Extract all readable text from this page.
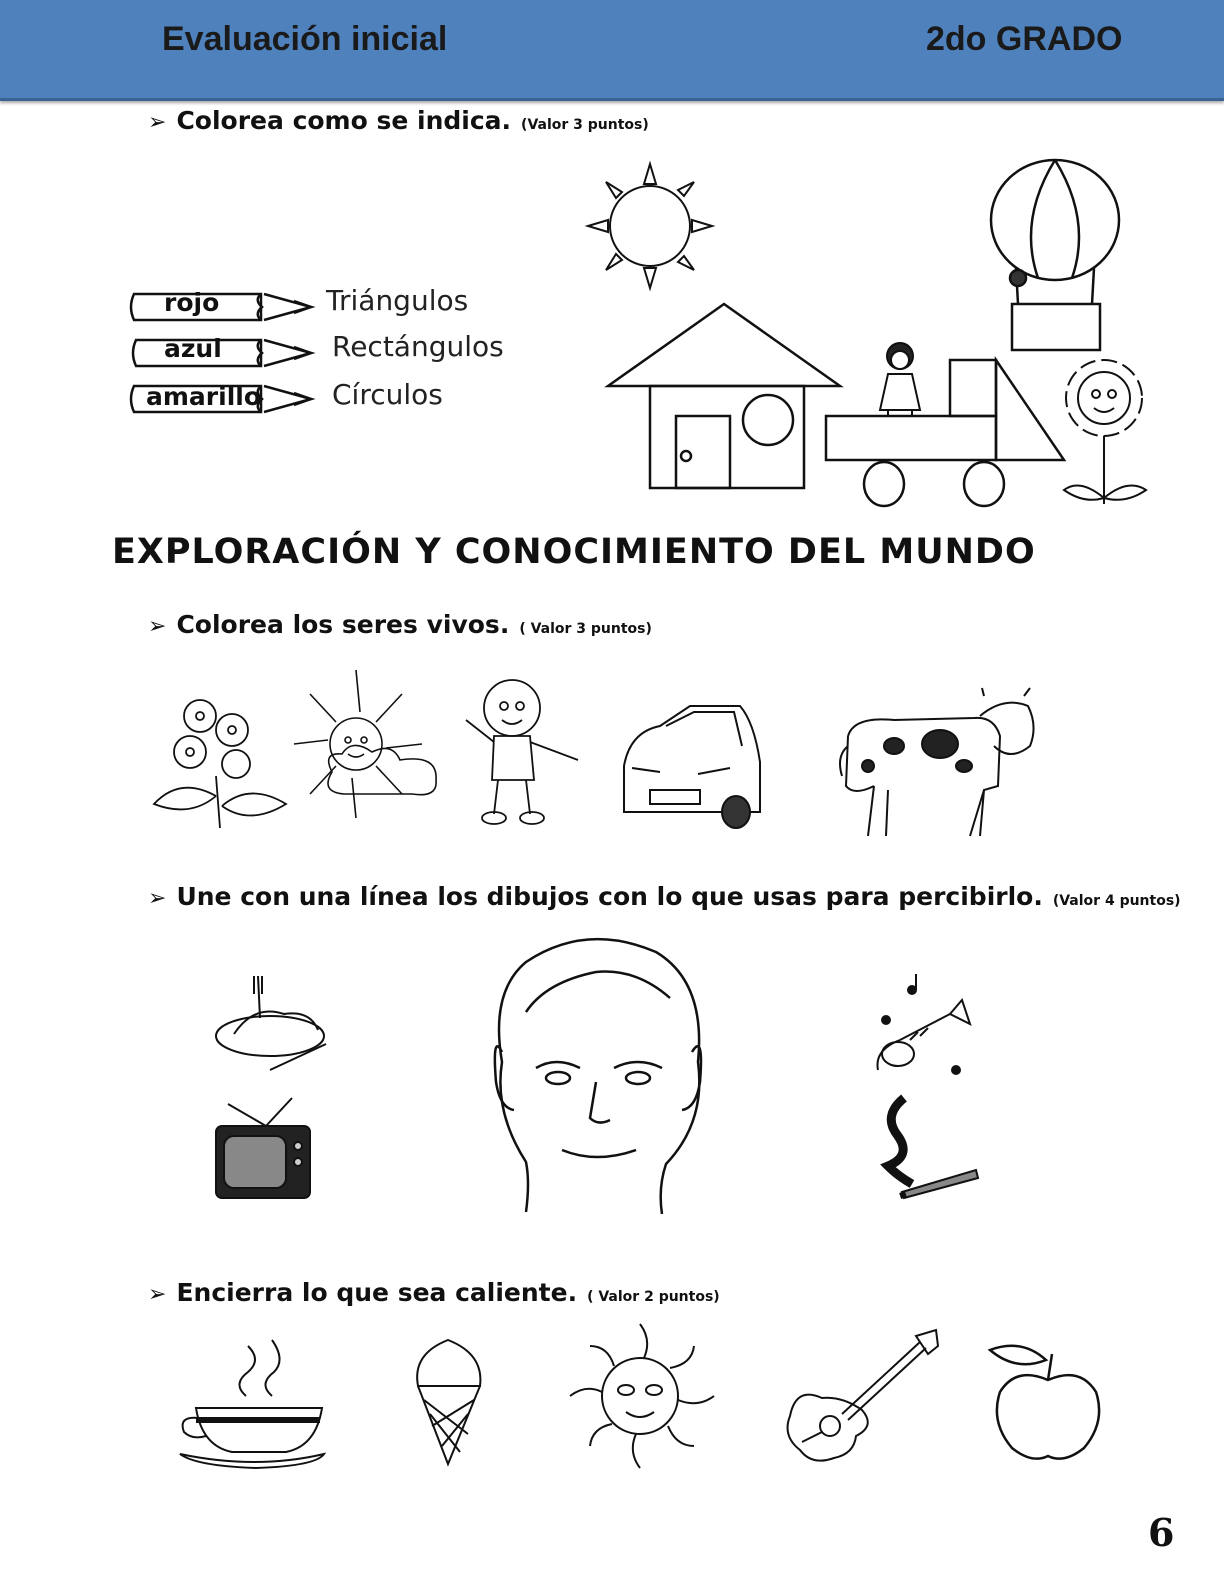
Evaluación inicial	2do GRADO
➢ Colorea como se indica. (Valor 3 puntos)
rojo
azul
amarillo
Triángulos
Rectángulos
Círculos
EXPLORACIÓN Y CONOCIMIENTO DEL MUNDO
➢ Colorea los seres vivos. ( Valor 3 puntos)
➢ Une con una línea los dibujos con lo que usas para percibirlo. (Valor 4 puntos)
➢ Encierra lo que sea caliente. ( Valor 2 puntos)
6
